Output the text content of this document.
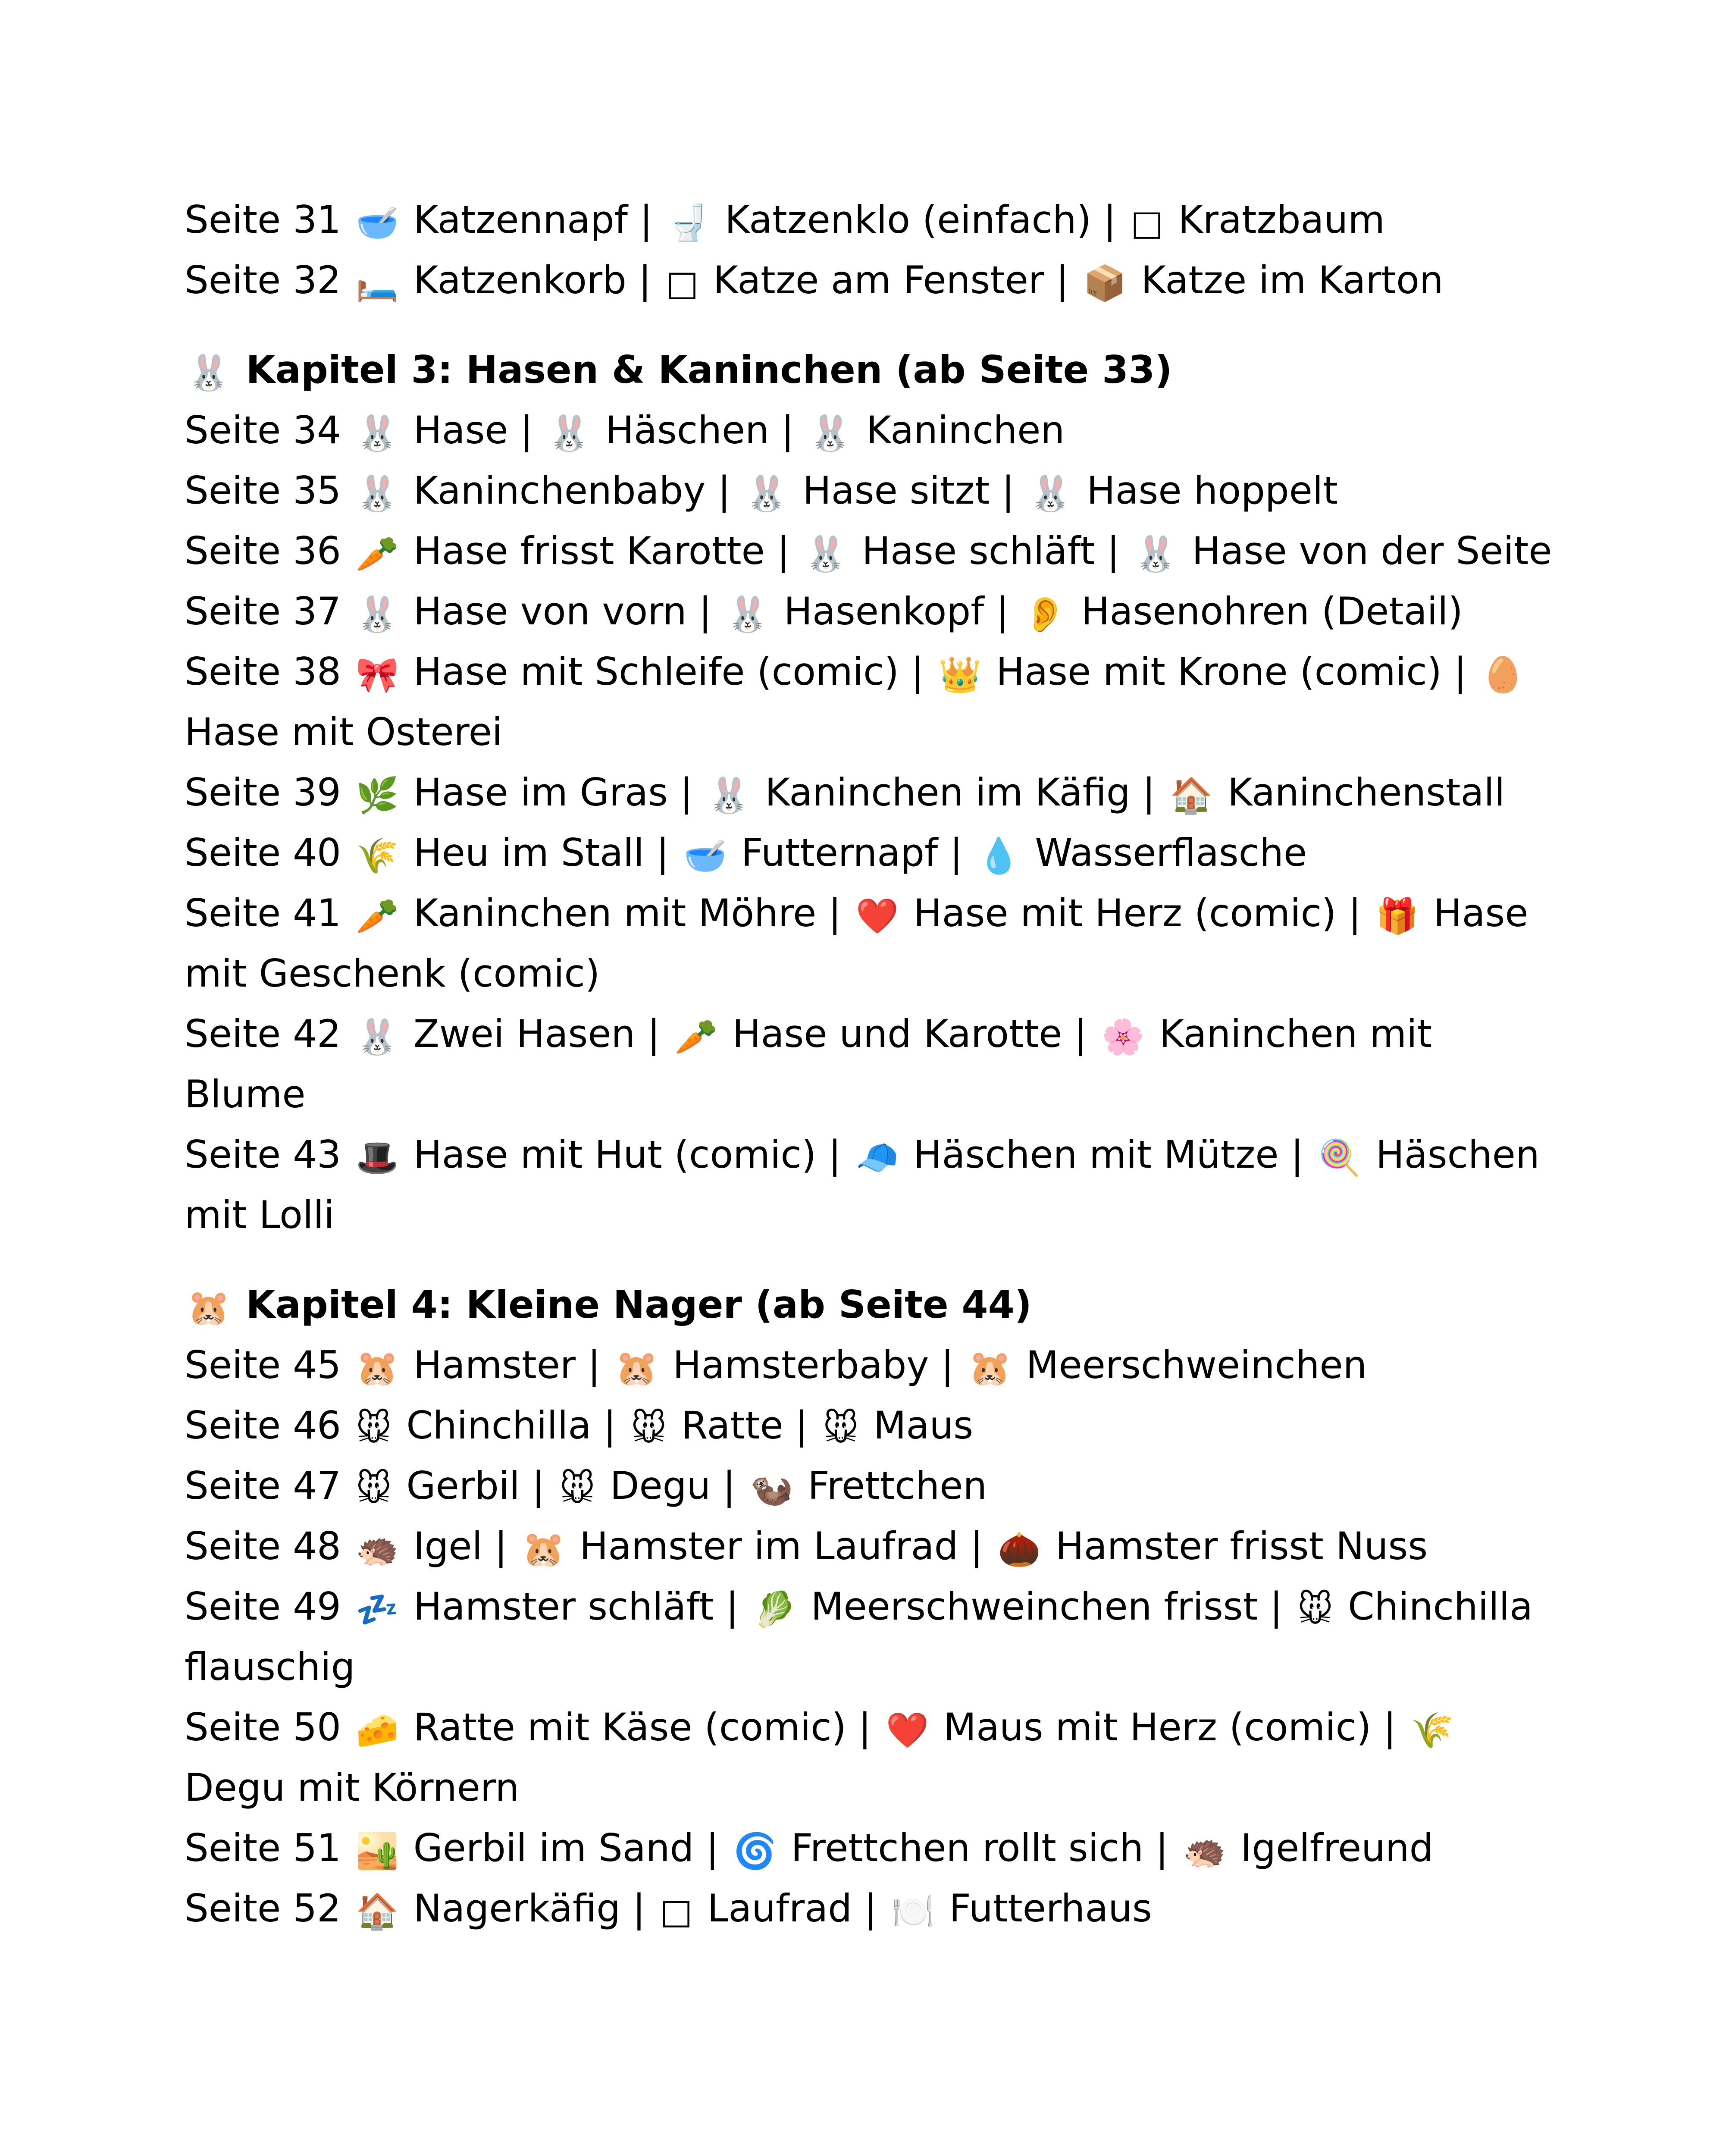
Seite 31 🥣 Katzennapf | 🚽 Katzenklo (einfach) | □ Kratzbaum
Seite 32 🛏️ Katzenkorb | □ Katze am Fenster | 📦 Katze im Karton
🐰 Kapitel 3: Hasen & Kaninchen (ab Seite 33)
Seite 34 🐰 Hase | 🐰 Häschen | 🐰 Kaninchen
Seite 35 🐰 Kaninchenbaby | 🐰 Hase sitzt | 🐰 Hase hoppelt
Seite 36 🥕 Hase frisst Karotte | 🐰 Hase schläft | 🐰 Hase von der Seite
Seite 37 🐰 Hase von vorn | 🐰 Hasenkopf | 👂 Hasenohren (Detail)
Seite 38 🎀 Hase mit Schleife (comic) | 👑 Hase mit Krone (comic) | 🥚 Hase mit Osterei
Seite 39 🌿 Hase im Gras | 🐰 Kaninchen im Käfig | 🏠 Kaninchenstall
Seite 40 🌾 Heu im Stall | 🥣 Futternapf | 💧 Wasserflasche
Seite 41 🥕 Kaninchen mit Möhre | ❤️ Hase mit Herz (comic) | 🎁 Hase mit Geschenk (comic)
Seite 42 🐰 Zwei Hasen | 🥕 Hase und Karotte | 🌸 Kaninchen mit Blume
Seite 43 🎩 Hase mit Hut (comic) | 🧢 Häschen mit Mütze | 🍭 Häschen mit Lolli
🐹 Kapitel 4: Kleine Nager (ab Seite 44)
Seite 45 🐹 Hamster | 🐹 Hamsterbaby | 🐹 Meerschweinchen
Seite 46 🐭 Chinchilla | 🐭 Ratte | 🐭 Maus
Seite 47 🐭 Gerbil | 🐭 Degu | 🦦 Frettchen
Seite 48 🦔 Igel | 🐹 Hamster im Laufrad | 🌰 Hamster frisst Nuss
Seite 49 💤 Hamster schläft | 🥬 Meerschweinchen frisst | 🐭 Chinchilla flauschig
Seite 50 🧀 Ratte mit Käse (comic) | ❤️ Maus mit Herz (comic) | 🌾 Degu mit Körnern
Seite 51 🏜️ Gerbil im Sand | 🌀 Frettchen rollt sich | 🦔 Igelfreund
Seite 52 🏠 Nagerkäfig | □ Laufrad | 🍽️ Futterhaus
